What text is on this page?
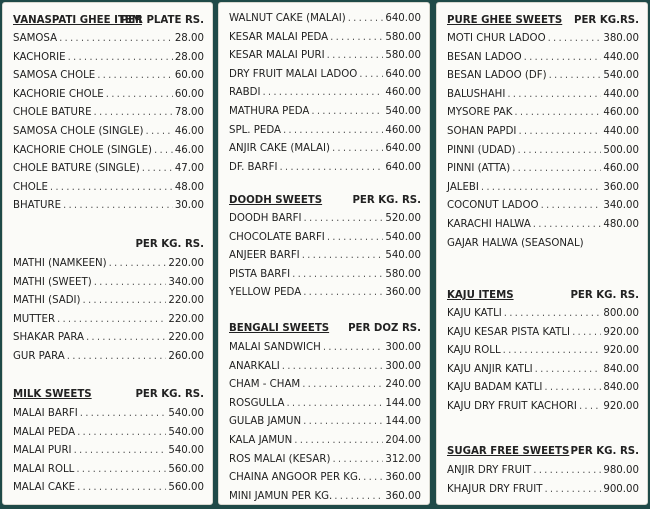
VANASPATI GHEE ITEM
PER PLATE RS.
SAMOSA .....	28.00
KACHORIE .....	28.00
SAMOSA CHOLE .....	60.00
KACHORIE CHOLE .....	60.00
CHOLE BATURE .....	78.00
SAMOSA CHOLE (SINGLE) .....	46.00
KACHORIE CHOLE (SINGLE) ..... 46.00
CHOLE BATURE (SINGLE) .....	47.00
CHOLE .....	48.00
BHATURE .....	30.00
PER KG. RS.
MATHI (NAMKEEN) .....	220.00
MATHI (SWEET) .....	340.00
MATHI (SADI) .....	220.00
MUTTER .....	220.00
SHAKAR PARA .....	220.00
GUR PARA .....	260.00
MILK SWEETS	PER KG. RS.
MALAI BARFI .....	540.00
MALAI PEDA .....	540.00
MALAI PURI .....	540.00
MALAI ROLL .....	560.00
MALAI CAKE .....	560.00
WALNUT CAKE (MALAI) .....	640.00
KESAR MALAI PEDA .....	580.00
KESAR MALAI PURI .....	580.00
DRY FRUIT MALAI LADOO .....	640.00
RABDI .....	460.00
MATHURA PEDA .....	540.00
SPL. PEDA .....	460.00
ANJIR CAKE (MALAI) .....	640.00
DF. BARFI .....	640.00
DOODH SWEETS	PER KG. RS.
DOODH BARFI .....	520.00
CHOCOLATE BARFI .....	540.00
ANJEER BARFI .....	540.00
PISTA BARFI .....	580.00
YELLOW PEDA .....	360.00
BENGALI SWEETS PER DOZ RS.
MALAI SANDWICH .....	300.00
ANARKALI .....	300.00
CHAM - CHAM .....	240.00
ROSGULLA .....	144.00
GULAB JAMUN .....	144.00
KALA JAMUN .....	204.00
ROS MALAI (KESAR) .....	312.00
CHAINA ANGOOR PER KG. ..... 360.00
MINI JAMUN PER KG. .....	360.00
PURE GHEE SWEETS PER KG.RS.
MOTI CHUR LADOO .....	380.00
BESAN LADOO .....	440.00
BESAN LADOO (DF) .....	540.00
BALUSHAHI .....	440.00
MYSORE PAK .....	460.00
SOHAN PAPDI .....	440.00
PINNI (UDAD) .....	500.00
PINNI (ATTA) .....	460.00
JALEBI .....	360.00
COCONUT LADOO .....	340.00
KARACHI HALWA .....	480.00
GAJAR HALWA (SEASONAL)
KAJU ITEMS	PER KG. RS.
KAJU KATLI .....	800.00
KAJU KESAR PISTA KATLI .....	920.00
KAJU ROLL .....	920.00
KAJU ANJIR KATLI .....	840.00
KAJU BADAM KATLI .....	840.00
KAJU DRY FRUIT KACHORI .....	920.00
SUGAR FREE SWEETS PER KG. RS.
ANJIR DRY FRUIT .....	980.00
KHAJUR DRY FRUIT .....	900.00
